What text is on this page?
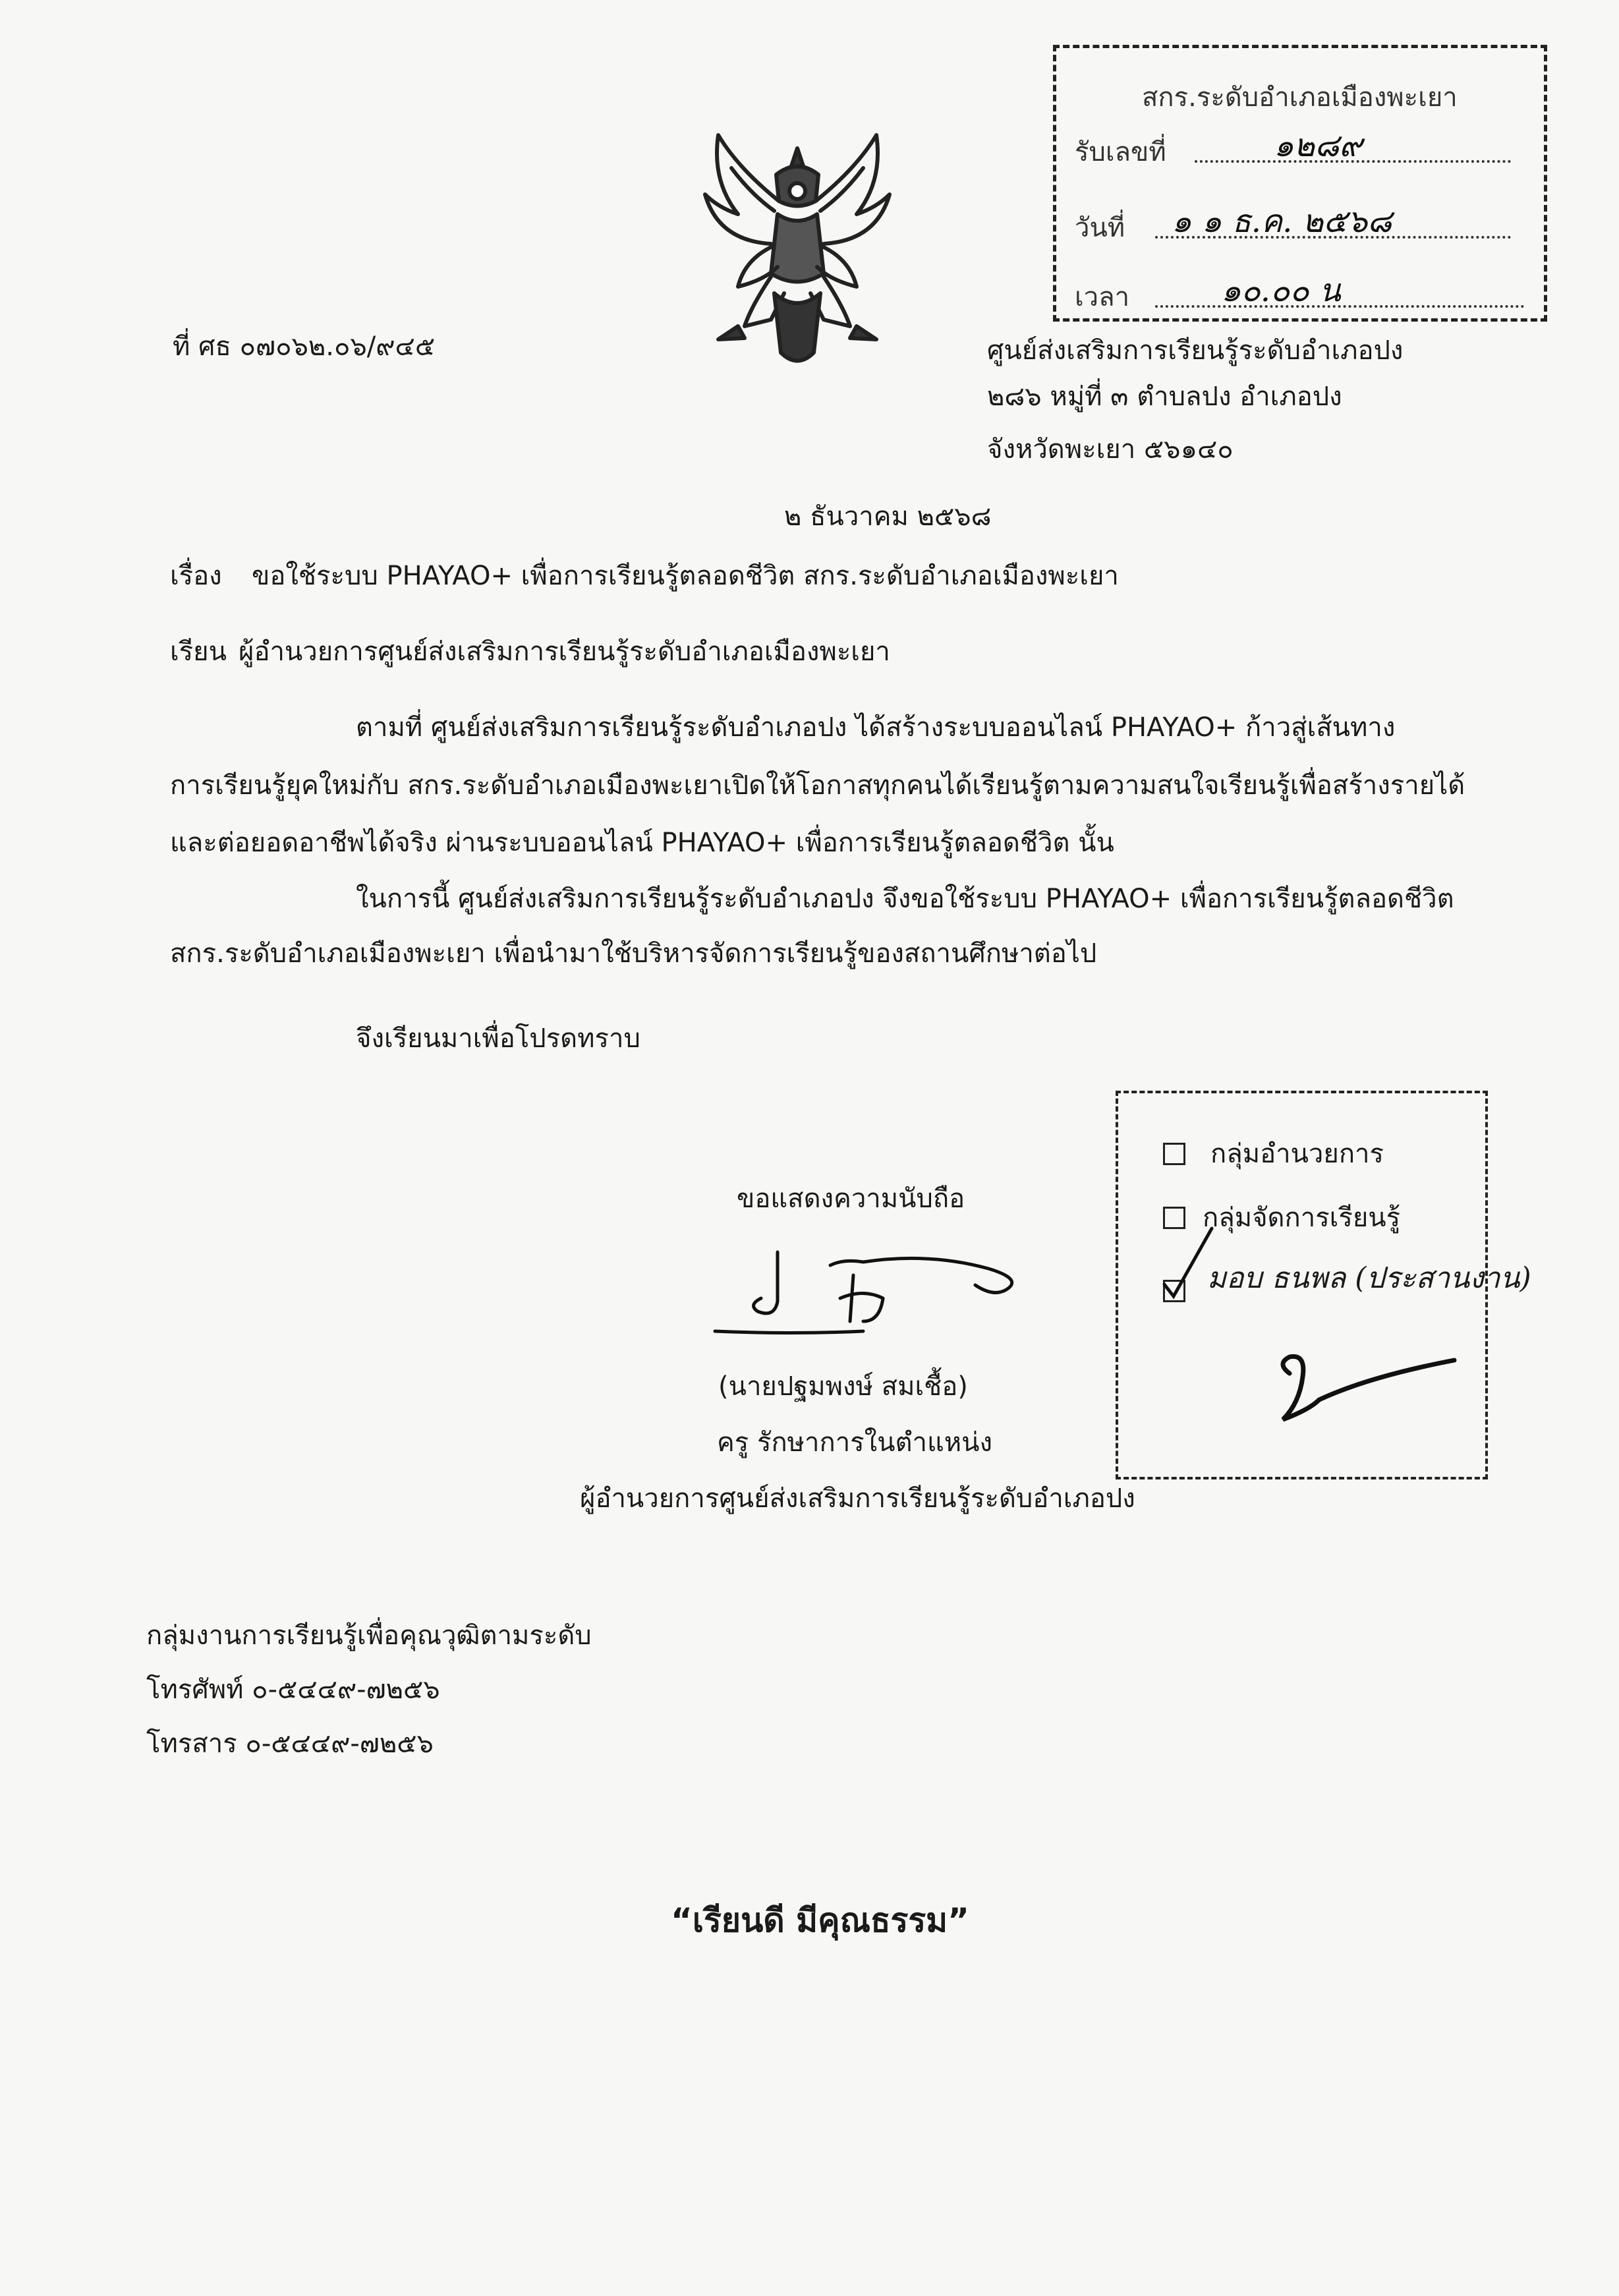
สกร.ระดับอำเภอเมืองพะเยา
รับเลขที่	๑๒๘๙
วันที่ ๑ ๑ ธ.ค. ๒๕๖๘
เวลา	๑๐.๐๐ น
ที่ ศธ ๐๗๐๖๒.๐๖/๙๔๕	ศูนย์ส่งเสริมการเรียนรู้ระดับอำเภอปง
๒๘๖ หมู่ที่ ๓ ตำบลปง อำเภอปง
จังหวัดพะเยา ๕๖๑๔๐
๒ ธันวาคม ๒๕๖๘
เรื่อง ขอใช้ระบบ PHAYAO+ เพื่อการเรียนรู้ตลอดชีวิต สกร.ระดับอำเภอเมืองพะเยา
เรียน ผู้อำนวยการศูนย์ส่งเสริมการเรียนรู้ระดับอำเภอเมืองพะเยา
ตามที่ ศูนย์ส่งเสริมการเรียนรู้ระดับอำเภอปง ได้สร้างระบบออนไลน์ PHAYAO+ ก้าวสู่เส้นทาง
การเรียนรู้ยุคใหม่กับ สกร.ระดับอำเภอเมืองพะเยาเปิดให้โอกาสทุกคนได้เรียนรู้ตามความสนใจเรียนรู้เพื่อสร้างรายได้
และต่อยอดอาชีพได้จริง ผ่านระบบออนไลน์ PHAYAO+ เพื่อการเรียนรู้ตลอดชีวิต นั้น
ในการนี้ ศูนย์ส่งเสริมการเรียนรู้ระดับอำเภอปง จึงขอใช้ระบบ PHAYAO+ เพื่อการเรียนรู้ตลอดชีวิต
สกร.ระดับอำเภอเมืองพะเยา เพื่อนำมาใช้บริหารจัดการเรียนรู้ของสถานศึกษาต่อไป
จึงเรียนมาเพื่อโปรดทราบ
ขอแสดงความนับถือ
(นายปฐมพงษ์ สมเชื้อ)
ครู รักษาการในตำแหน่ง
ผู้อำนวยการศูนย์ส่งเสริมการเรียนรู้ระดับอำเภอปง
กลุ่มอำนวยการ
กลุ่มจัดการเรียนรู้
มอบ ธนพล (ประสานงาน)
กลุ่มงานการเรียนรู้เพื่อคุณวุฒิตามระดับ
โทรศัพท์ ๐-๕๔๔๙-๗๒๕๖
โทรสาร ๐-๕๔๔๙-๗๒๕๖
“เรียนดี มีคุณธรรม”
